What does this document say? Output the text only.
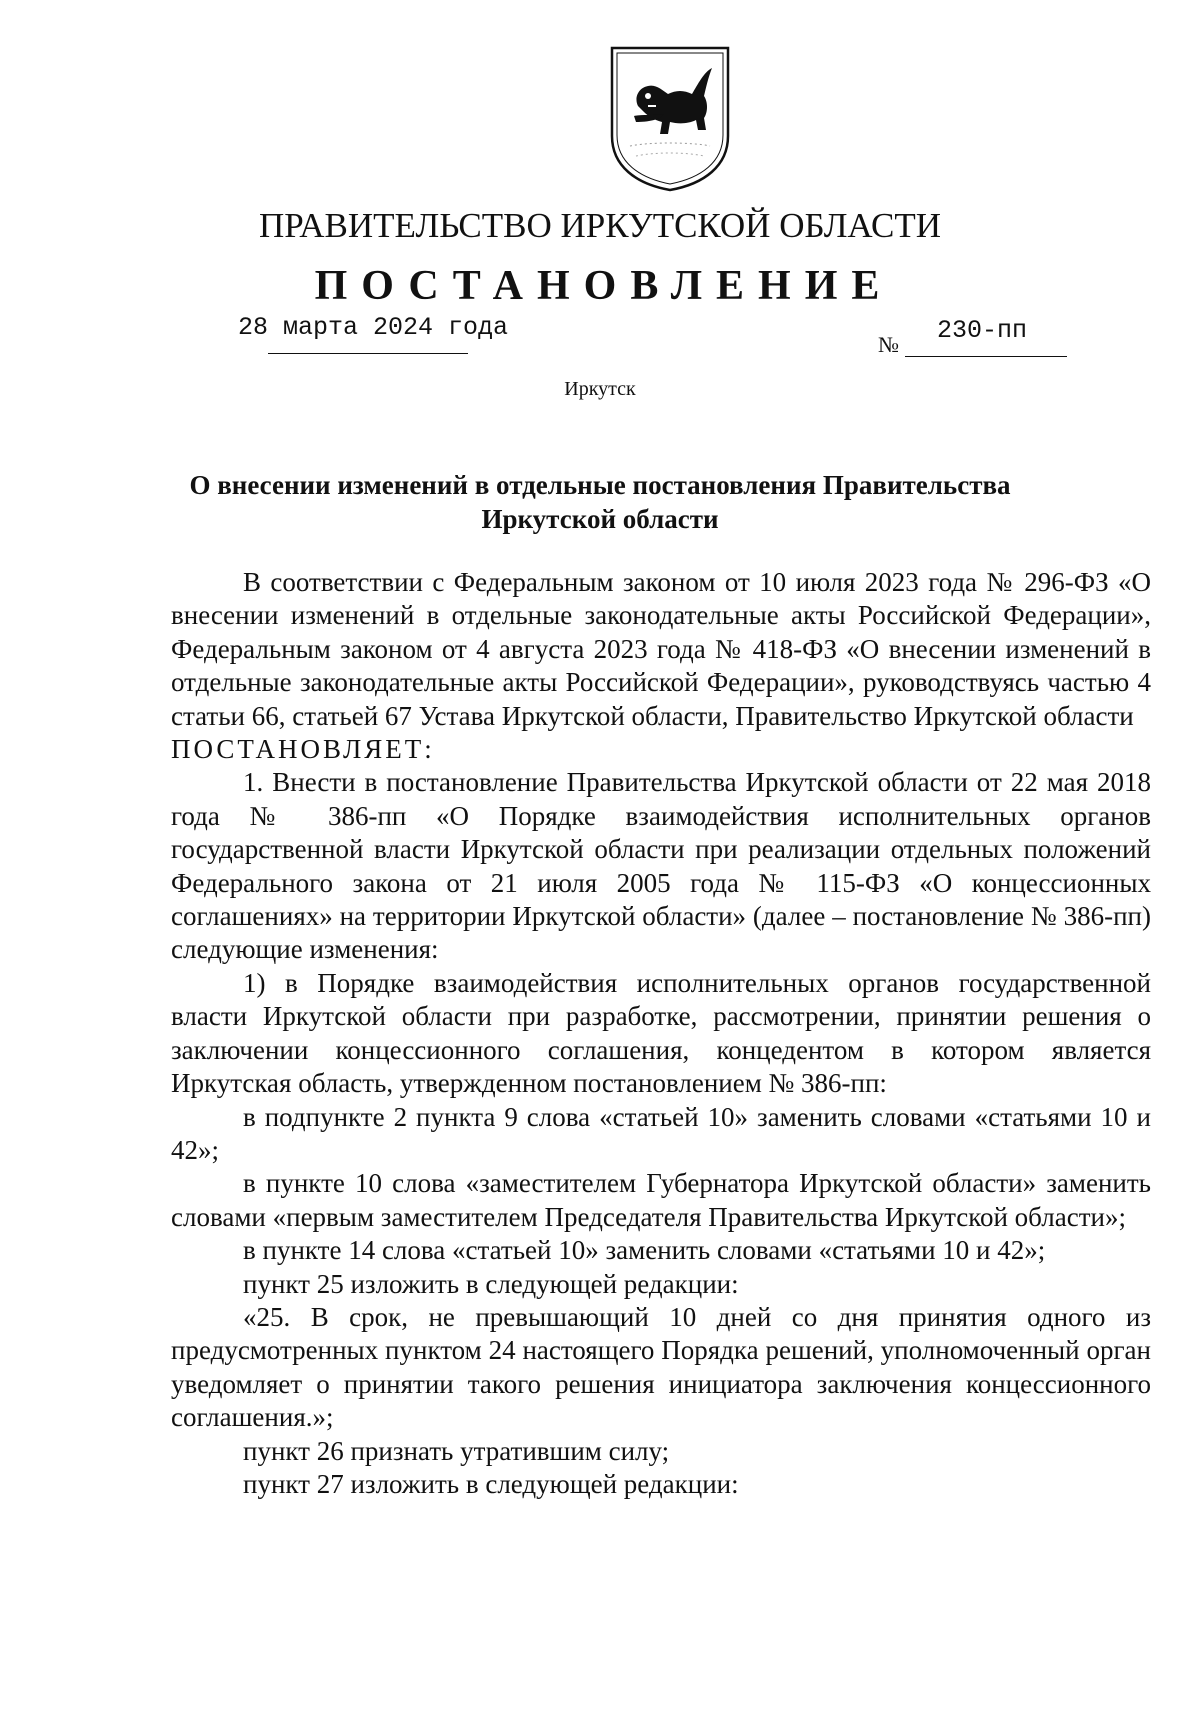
ПРАВИТЕЛЬСТВО ИРКУТСКОЙ ОБЛАСТИ
ПОСТАНОВЛЕНИЕ
28 марта 2024 года
№ 230-пп
Иркутск
О внесении изменений в отдельные постановления Правительства Иркутской области

В соответствии с Федеральным законом от 10 июля 2023 года № 296-ФЗ «О внесении изменений в отдельные законодательные акты Российской Федерации», Федеральным законом от 4 августа 2023 года № 418-ФЗ «О внесении изменений в отдельные законодательные акты Российской Федерации», руководствуясь частью 4 статьи 66, статьей 67 Устава Иркутской области, Правительство Иркутской области

ПОСТАНОВЛЯЕТ:

1. Внести в постановление Правительства Иркутской области от 22 мая 2018 года № 386-пп «О Порядке взаимодействия исполнительных органов государственной власти Иркутской области при реализации отдельных положений Федерального закона от 21 июля 2005 года № 115-ФЗ «О концессионных соглашениях» на территории Иркутской области» (далее – постановление № 386-пп) следующие изменения:

1) в Порядке взаимодействия исполнительных органов государственной власти Иркутской области при разработке, рассмотрении, принятии решения о заключении концессионного соглашения, концедентом в котором является Иркутская область, утвержденном постановлением № 386-пп:

в подпункте 2 пункта 9 слова «статьей 10» заменить словами «статьями 10 и 42»;

в пункте 10 слова «заместителем Губернатора Иркутской области» заменить словами «первым заместителем Председателя Правительства Иркутской области»;

в пункте 14 слова «статьей 10» заменить словами «статьями 10 и 42»;

пункт 25 изложить в следующей редакции:

«25. В срок, не превышающий 10 дней со дня принятия одного из предусмотренных пунктом 24 настоящего Порядка решений, уполномоченный орган уведомляет о принятии такого решения инициатора заключения концессионного соглашения.»;

пункт 26 признать утратившим силу;

пункт 27 изложить в следующей редакции:
